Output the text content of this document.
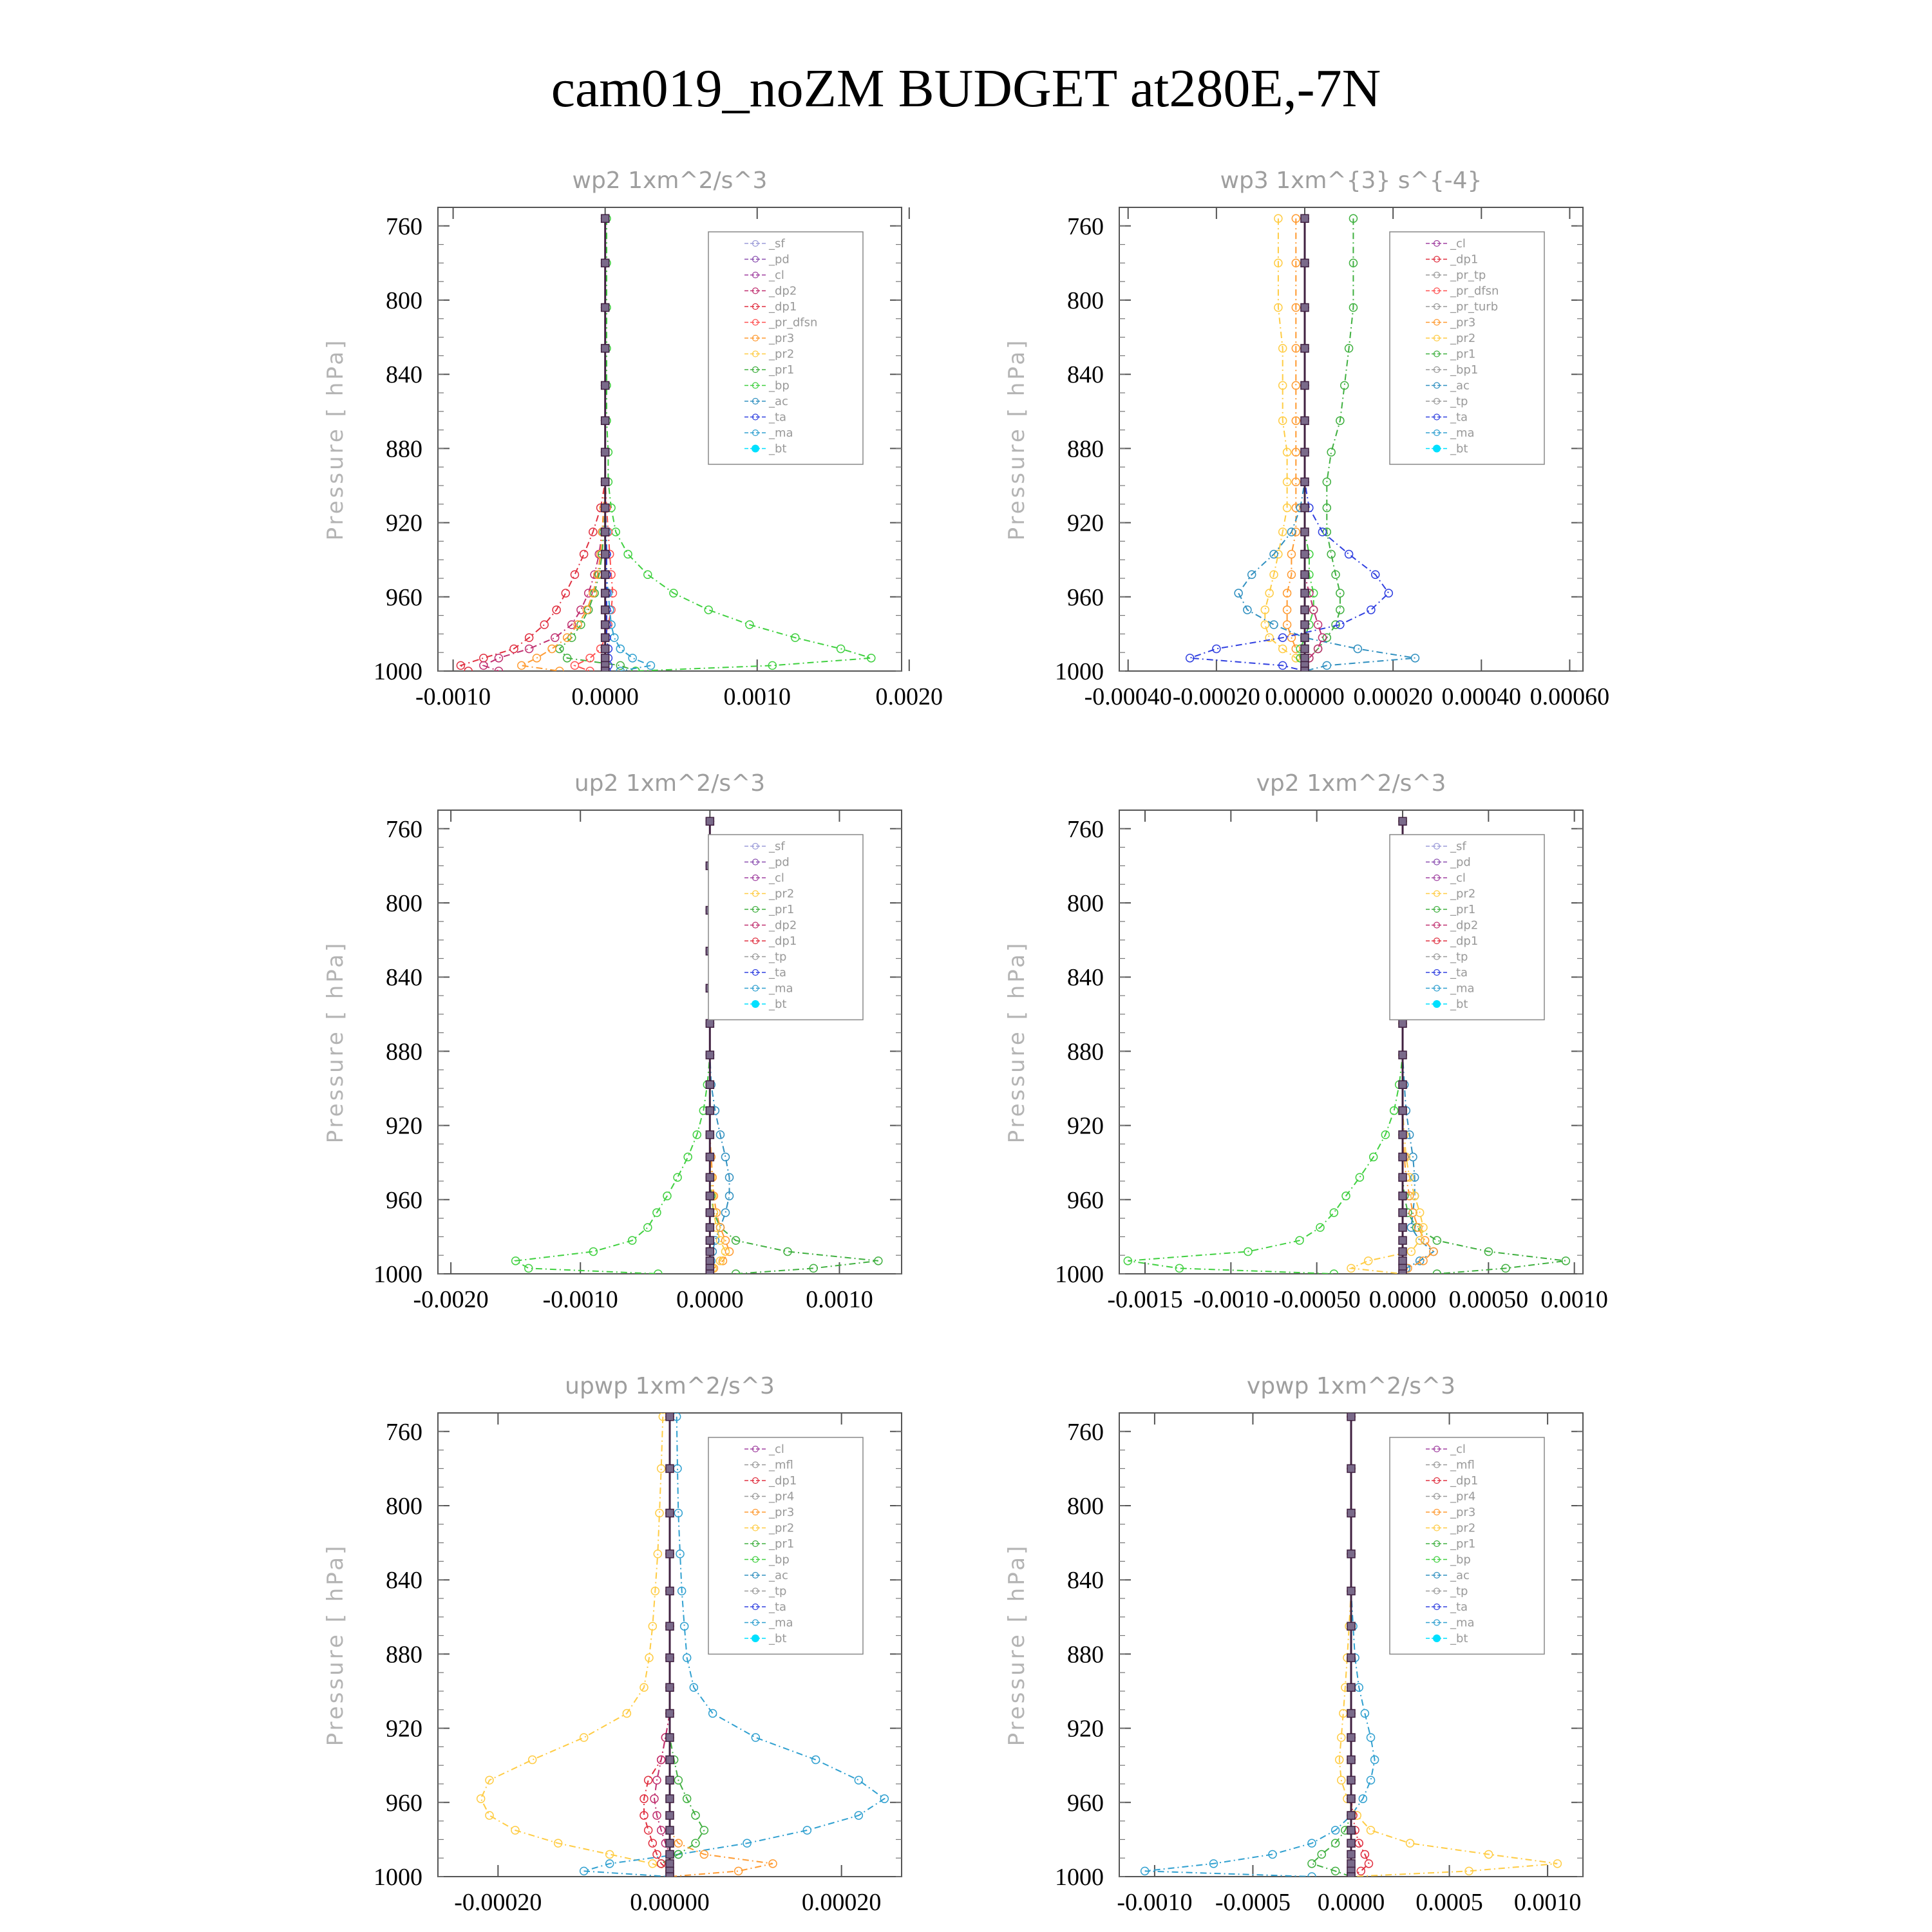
cam019_noZM BUDGET at280E,-7N
wp2 1xm^2/s^3
Pressure [ hPa]
760
800
840
880
920
960
1000
-0.0010	0.0000	0.0010	0.0020
_sf
_pd
_cl
_dp2
_dp1
_pr_dfsn
_pr3
_pr2
_pr1
_bp
_ac
_ta
_ma
_bt
wp3 1xm^{3} s^{-4}
Pressure [ hPa]
760
800
840
880
920
960
1000
-0.00040 -0.00020 0.00000 0.00020 0.00040 0.00060
_cl
_dp1
_pr_tp
_pr_dfsn
_pr_turb
_pr3
_pr2
_pr1
_bp1
_ac
_tp
_ta
_ma
_bt
up2 1xm^2/s^3
Pressure [ hPa]
760
800
840
880
920
960
1000
-0.0020 -0.0010 0.0000	0.0010
_sf
_pd
_cl
_pr2
_pr1
_dp2
_dp1
_tp
_ta
_ma
_bt
vp2 1xm^2/s^3
Pressure [ hPa]
760
800
840
880
920
960
1000
-0.0015 -0.0010 -0.00050 0.0000 0.00050 0.0010
_sf
_pd
_cl
_pr2
_pr1
_dp2
_dp1
_tp
_ta
_ma
_bt
upwp 1xm^2/s^3
Pressure [ hPa]
760
800
840
880
920
960
1000
-0.00020	0.00000	0.00020
_cl
_mfl
_dp1
_pr4
_pr3
_pr2
_pr1
_bp
_ac
_tp
_ta
_ma
_bt
vpwp 1xm^2/s^3
Pressure [ hPa]
760
800
840
880
920
960
1000
-0.0010 -0.0005 0.0000 0.0005 0.0010
_cl
_mfl
_dp1
_pr4
_pr3
_pr2
_pr1
_bp
_ac
_tp
_ta
_ma
_bt
